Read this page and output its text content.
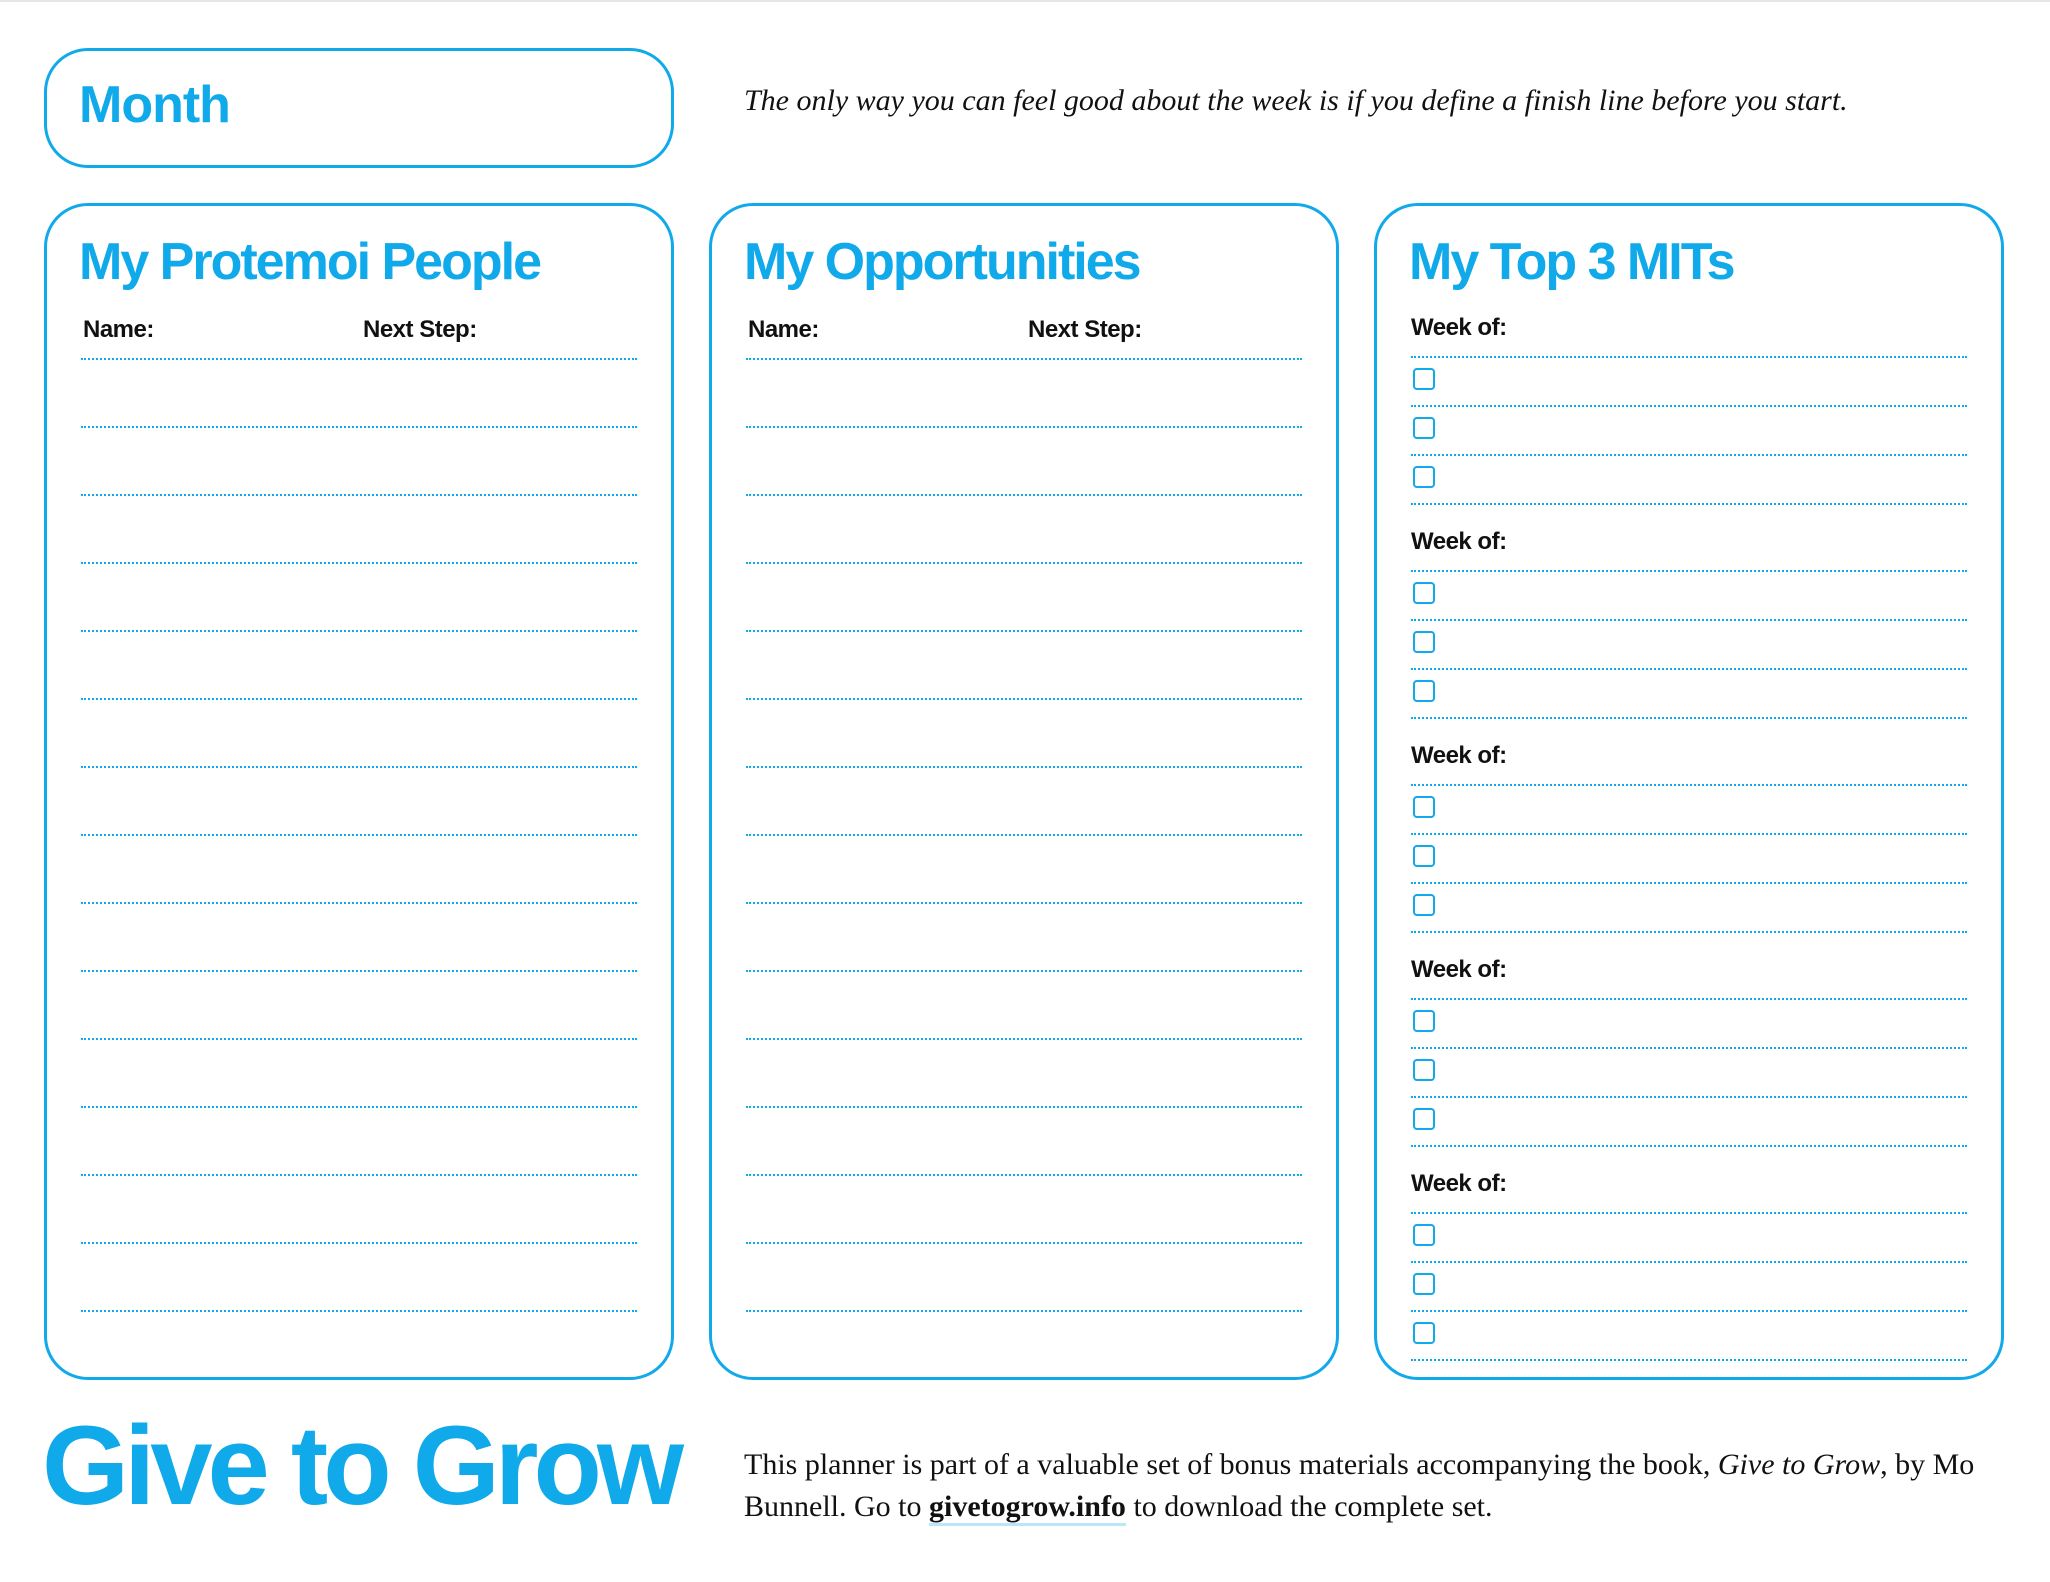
Month	The only way you can feel good about the week is if you define a finish line before you start.
My Protemoi People
Name:	Next Step:
My Opportunities
Name:	Next Step:
My Top 3 MITs
Week of:
Week of:
Week of:
Week of:
Week of:
Give to Grow This planner is part of a valuable set of bonus materials accompanying the book, Give to Grow, by Mo Bunnell. Go to givetogrow.info to download the complete set.
